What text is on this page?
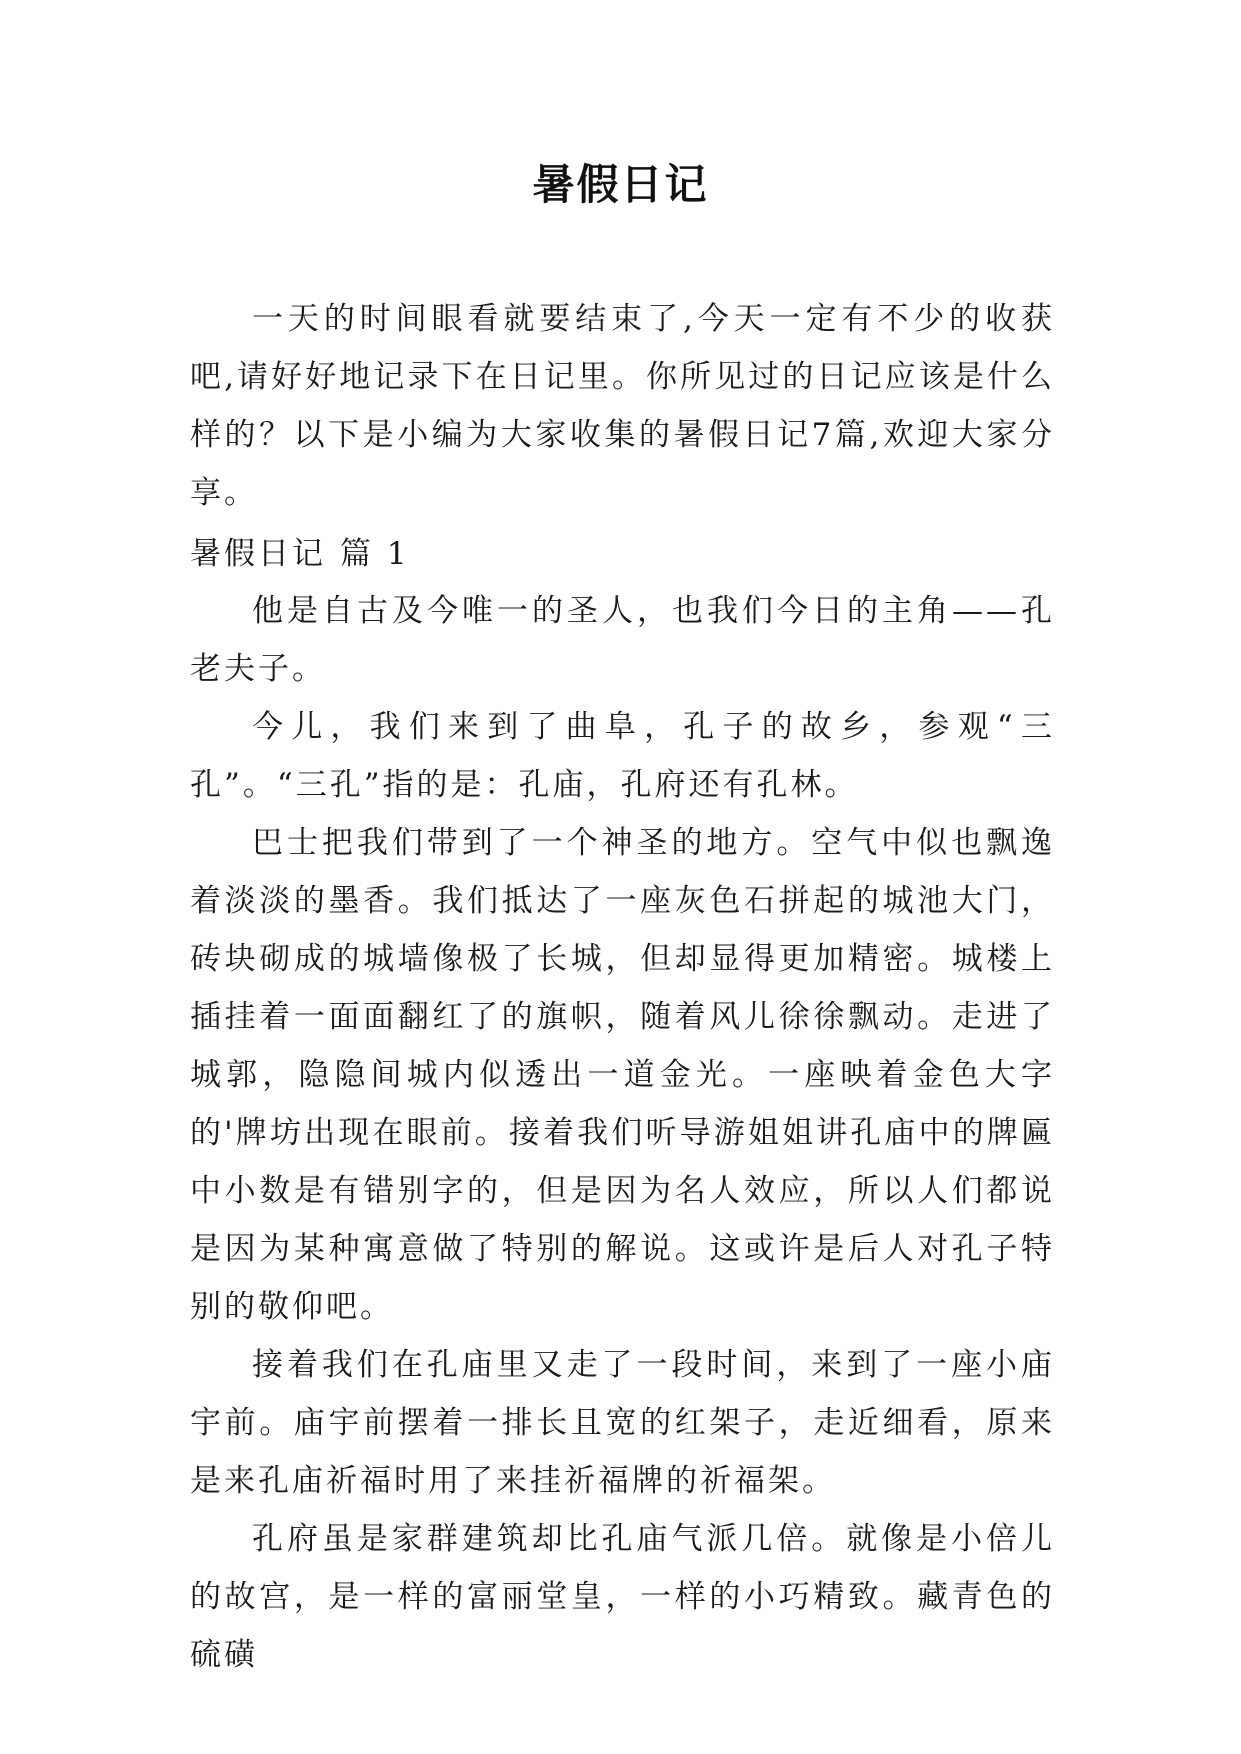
暑假日记

一天的时间眼看就要结束了,今天一定有不少的收获吧,请好好地记录下在日记里。你所见过的日记应该是什么样的？以下是小编为大家收集的暑假日记7篇,欢迎大家分享。

暑假日记 篇 1

他是自古及今唯一的圣人，也我们今日的主角——孔老夫子。

今儿，我们来到了曲阜，孔子的故乡，参观“三孔”。“三孔”指的是：孔庙，孔府还有孔林。

巴士把我们带到了一个神圣的地方。空气中似也飘逸着淡淡的墨香。我们抵达了一座灰色石拼起的城池大门，砖块砌成的城墙像极了长城，但却显得更加精密。城楼上插挂着一面面翻红了的旗帜，随着风儿徐徐飘动。走进了城郭，隐隐间城内似透出一道金光。一座映着金色大字的'牌坊出现在眼前。接着我们听导游姐姐讲孔庙中的牌匾中小数是有错别字的，但是因为名人效应，所以人们都说是因为某种寓意做了特别的解说。这或许是后人对孔子特别的敬仰吧。

接着我们在孔庙里又走了一段时间，来到了一座小庙宇前。庙宇前摆着一排长且宽的红架子，走近细看，原来是来孔庙祈福时用了来挂祈福牌的祈福架。

孔府虽是家群建筑却比孔庙气派几倍。就像是小倍儿的故宫，是一样的富丽堂皇，一样的小巧精致。藏青色的硫磺
